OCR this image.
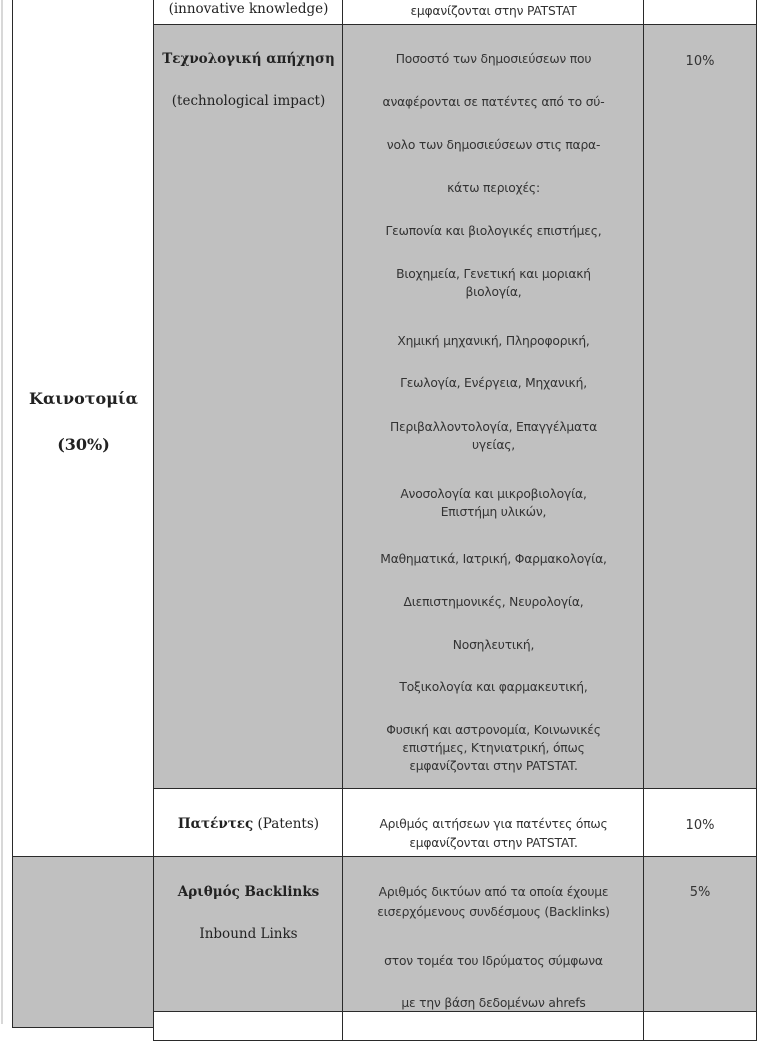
Καινοτομία
(30%)
(innovative knowledge)	εμφανίζονται στην PATSTAT
Τεχνολογική απήχηση
(technological impact)
Ποσοστό των δημοσιεύσεων που
αναφέρονται σε πατέντες από το σύ-
νολο των δημοσιεύσεων στις παρα-
κάτω περιοχές:
Γεωπονία και βιολογικές επιστήμες,
Βιοχημεία, Γενετική και μοριακή βιολογία,
Χημική μηχανική, Πληροφορική,
Γεωλογία, Ενέργεια, Μηχανική,
Περιβαλλοντολογία, Επαγγέλματα υγείας,
Ανοσολογία και μικροβιολογία, Επιστήμη υλικών,
Μαθηματικά, Ιατρική, Φαρμακολογία,
Διεπιστημονικές, Νευρολογία,
Νοσηλευτική,
Τοξικολογία και φαρμακευτική,
Φυσική και αστρονομία, Κοινωνικές επιστήμες, Κτηνιατρική, όπως εμφανίζονται στην PATSTAT.
10%
Πατέντες (Patents)	Αριθμός αιτήσεων για πατέντες όπως εμφανίζονται στην PATSTAT.
10%
Αριθμός Backlinks
Inbound Links
Αριθμός δικτύων από τα οποία έχουμε εισερχόμενους συνδέσμους (Backlinks)
στον τομέα του Ιδρύματος σύμφωνα
με την βάση δεδομένων ahrefs
5%
